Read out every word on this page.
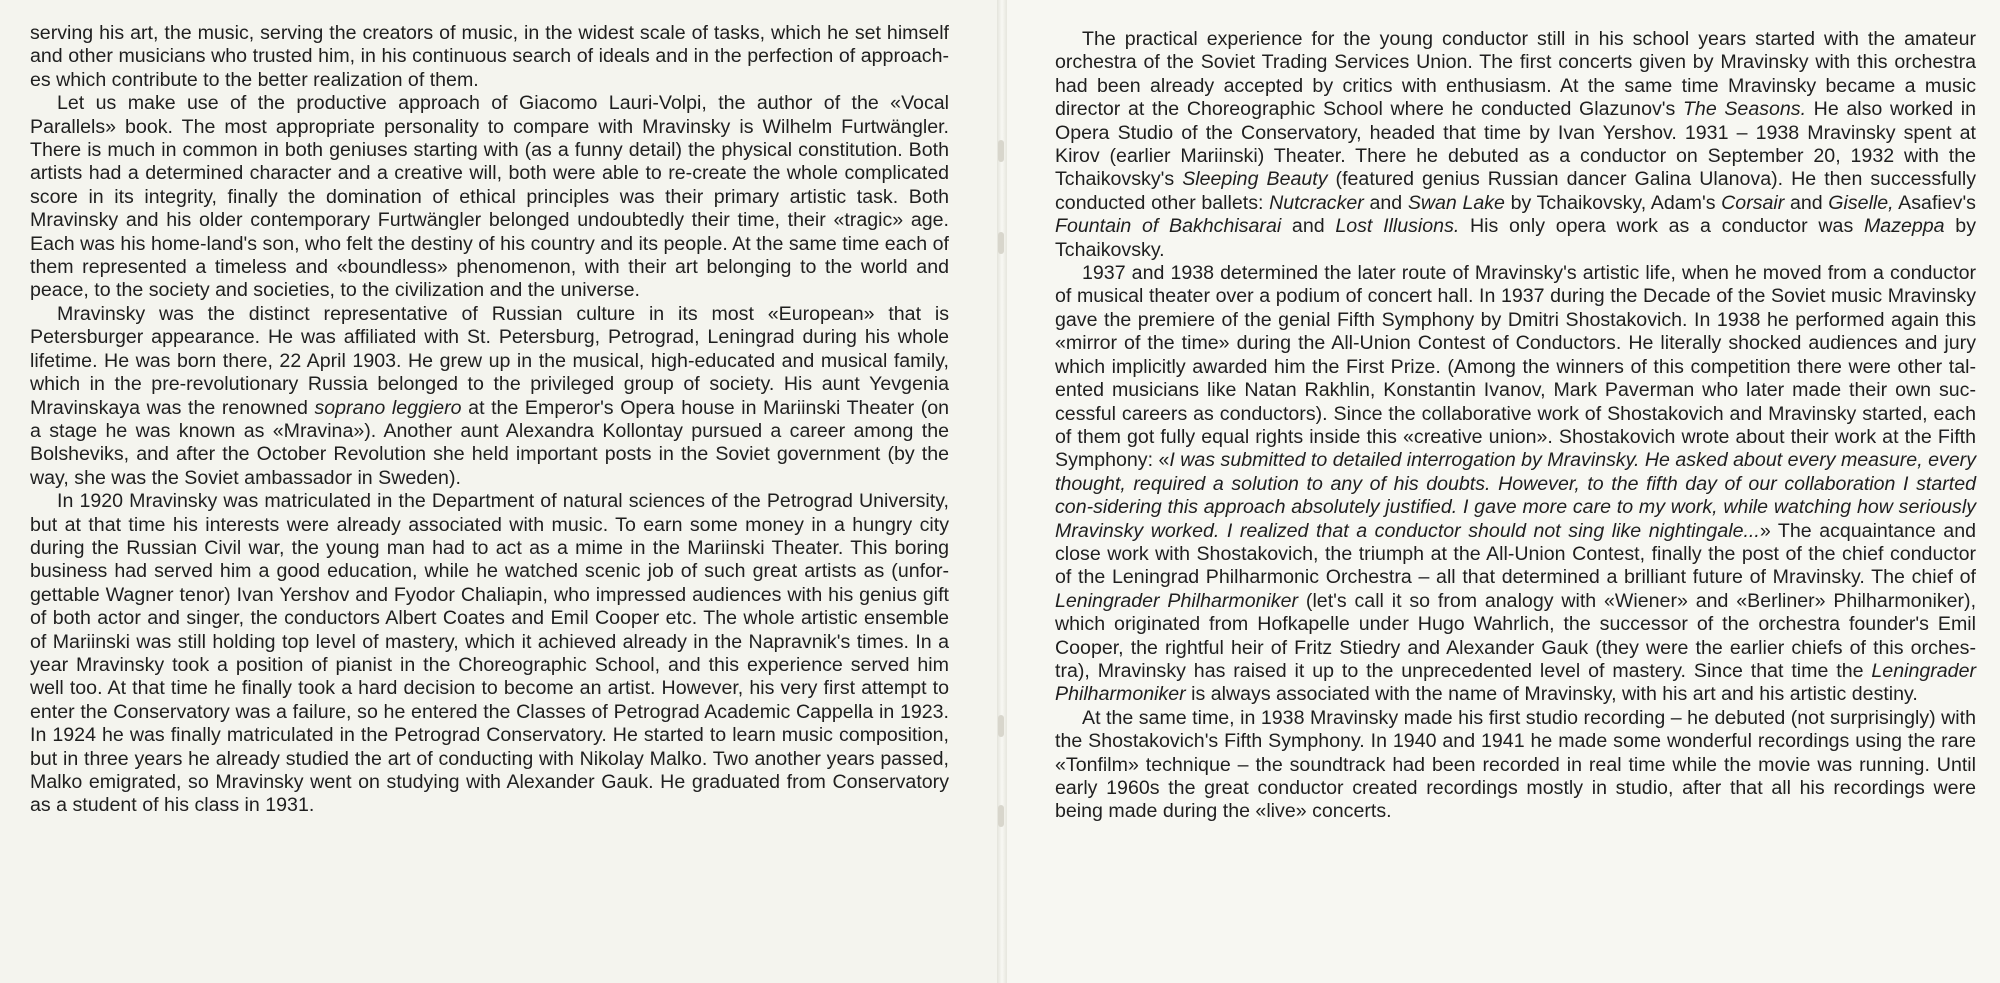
serving his art, the music, serving the creators of music, in the widest scale of tasks, which he set himself and other musicians who trusted him, in his continuous search of ideals and in the perfection of approach-es which contribute to the better realization of them.

Let us make use of the productive approach of Giacomo Lauri-Volpi, the author of the «Vocal Parallels» book. The most appropriate personality to compare with Mravinsky is Wilhelm Furtwängler. There is much in common in both geniuses starting with (as a funny detail) the physical constitution. Both artists had a determined character and a creative will, both were able to re-create the whole complicated score in its integrity, finally the domination of ethical principles was their primary artistic task. Both Mravinsky and his older contemporary Furtwängler belonged undoubtedly their time, their «tragic» age. Each was his home-land's son, who felt the destiny of his country and its people. At the same time each of them represented a timeless and «boundless» phenomenon, with their art belonging to the world and peace, to the society and societies, to the civilization and the universe.

Mravinsky was the distinct representative of Russian culture in its most «European» that is Petersburger appearance. He was affiliated with St. Petersburg, Petrograd, Leningrad during his whole lifetime. He was born there, 22 April 1903. He grew up in the musical, high-educated and musical family, which in the pre-revolutionary Russia belonged to the privileged group of society. His aunt Yevgenia Mravinskaya was the renowned soprano leggiero at the Emperor's Opera house in Mariinski Theater (on a stage he was known as «Mravina»). Another aunt Alexandra Kollontay pursued a career among the Bolsheviks, and after the October Revolution she held important posts in the Soviet government (by the way, she was the Soviet ambassador in Sweden).

In 1920 Mravinsky was matriculated in the Department of natural sciences of the Petrograd University, but at that time his interests were already associated with music. To earn some money in a hungry city during the Russian Civil war, the young man had to act as a mime in the Mariinski Theater. This boring business had served him a good education, while he watched scenic job of such great artists as (unfor-gettable Wagner tenor) Ivan Yershov and Fyodor Chaliapin, who impressed audiences with his genius gift of both actor and singer, the conductors Albert Coates and Emil Cooper etc. The whole artistic ensemble of Mariinski was still holding top level of mastery, which it achieved already in the Napravnik's times. In a year Mravinsky took a position of pianist in the Choreographic School, and this experience served him well too. At that time he finally took a hard decision to become an artist. However, his very first attempt to enter the Conservatory was a failure, so he entered the Classes of Petrograd Academic Cappella in 1923. In 1924 he was finally matriculated in the Petrograd Conservatory. He started to learn music composition, but in three years he already studied the art of conducting with Nikolay Malko. Two another years passed, Malko emigrated, so Mravinsky went on studying with Alexander Gauk. He graduated from Conservatory as a student of his class in 1931.

The practical experience for the young conductor still in his school years started with the amateur orchestra of the Soviet Trading Services Union. The first concerts given by Mravinsky with this orchestra had been already accepted by critics with enthusiasm. At the same time Mravinsky became a music director at the Choreographic School where he conducted Glazunov's The Seasons. He also worked in Opera Studio of the Conservatory, headed that time by Ivan Yershov. 1931 – 1938 Mravinsky spent at Kirov (earlier Mariinski) Theater. There he debuted as a conductor on September 20, 1932 with the Tchaikovsky's Sleeping Beauty (featured genius Russian dancer Galina Ulanova). He then successfully conducted other ballets: Nutcracker and Swan Lake by Tchaikovsky, Adam's Corsair and Giselle, Asafiev's Fountain of Bakhchisarai and Lost Illusions. His only opera work as a conductor was Mazeppa by Tchaikovsky.

1937 and 1938 determined the later route of Mravinsky's artistic life, when he moved from a conductor of musical theater over a podium of concert hall. In 1937 during the Decade of the Soviet music Mravinsky gave the premiere of the genial Fifth Symphony by Dmitri Shostakovich. In 1938 he performed again this «mirror of the time» during the All-Union Contest of Conductors. He literally shocked audiences and jury which implicitly awarded him the First Prize. (Among the winners of this competition there were other tal-ented musicians like Natan Rakhlin, Konstantin Ivanov, Mark Paverman who later made their own suc-cessful careers as conductors). Since the collaborative work of Shostakovich and Mravinsky started, each of them got fully equal rights inside this «creative union». Shostakovich wrote about their work at the Fifth Symphony: «I was submitted to detailed interrogation by Mravinsky. He asked about every measure, every thought, required a solution to any of his doubts. However, to the fifth day of our collaboration I started con-sidering this approach absolutely justified. I gave more care to my work, while watching how seriously Mravinsky worked. I realized that a conductor should not sing like nightingale...» The acquaintance and close work with Shostakovich, the triumph at the All-Union Contest, finally the post of the chief conductor of the Leningrad Philharmonic Orchestra – all that determined a brilliant future of Mravinsky. The chief of Leningrader Philharmoniker (let's call it so from analogy with «Wiener» and «Berliner» Philharmoniker), which originated from Hofkapelle under Hugo Wahrlich, the successor of the orchestra founder's Emil Cooper, the rightful heir of Fritz Stiedry and Alexander Gauk (they were the earlier chiefs of this orches-tra), Mravinsky has raised it up to the unprecedented level of mastery. Since that time the Leningrader Philharmoniker is always associated with the name of Mravinsky, with his art and his artistic destiny.

At the same time, in 1938 Mravinsky made his first studio recording – he debuted (not surprisingly) with the Shostakovich's Fifth Symphony. In 1940 and 1941 he made some wonderful recordings using the rare «Tonfilm» technique – the soundtrack had been recorded in real time while the movie was running. Until early 1960s the great conductor created recordings mostly in studio, after that all his recordings were being made during the «live» concerts.
